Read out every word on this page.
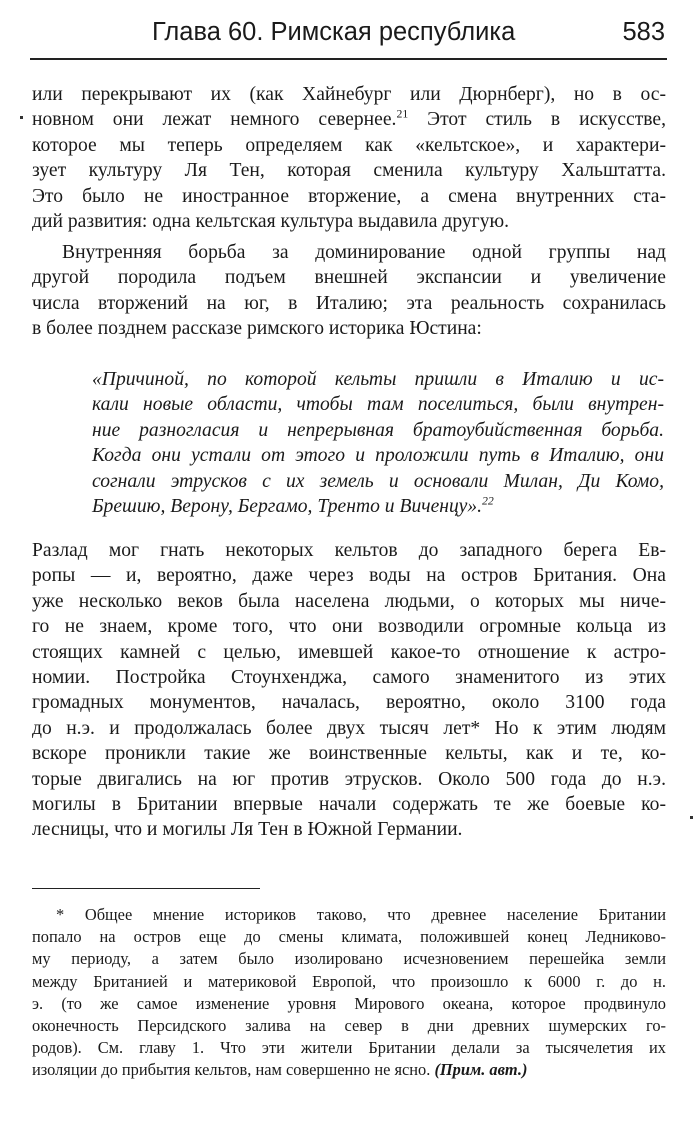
Глава 60. Римская республика	583
или перекрывают их (как Хайнебург или Дюрнберг), но в ос-
новном они лежат немного севернее.$^{21}$ Этот стиль в искусстве,
которое мы теперь определяем как «кельтское», и характери-
зует культуру Ля Тен, которая сменила культуру Хальштатта.
Это было не иностранное вторжение, а смена внутренних ста-
дий развития: одна кельтская культура выдавила другую.
Внутренняя борьба за доминирование одной группы над
другой породила подъем внешней экспансии и увеличение
числа вторжений на юг, в Италию; эта реальность сохранилась
в более позднем рассказе римского историка Юстина:
«Причиной, по которой кельты пришли в Италию и ис-
кали новые области, чтобы там поселиться, были внутрен-
ние разногласия и непрерывная братоубийственная борьба.
Когда они устали от этого и проложили путь в Италию, они
согнали этрусков с их земель и основали Милан, Ди Комо,
Брешию, Верону, Бергамо, Тренто и Виченцу».$^{22}$
Разлад мог гнать некоторых кельтов до западного берега Ев-
ропы — и, вероятно, даже через воды на остров Британия. Она
уже несколько веков была населена людьми, о которых мы ниче-
го не знаем, кроме того, что они возводили огромные кольца из
стоящих камней с целью, имевшей какое-то отношение к астро-
номии. Постройка Стоунхенджа, самого знаменитого из этих
громадных монументов, началась, вероятно, около 3100 года
до н.э. и продолжалась более двух тысяч лет* Но к этим людям
вскоре проникли такие же воинственные кельты, как и те, ко-
торые двигались на юг против этрусков. Около 500 года до н.э.
могилы в Британии впервые начали содержать те же боевые ко-
лесницы, что и могилы Ля Тен в Южной Германии.
* Общее мнение историков таково, что древнее население Британии
попало на остров еще до смены климата, положившей конец Ледниково-
му периоду, а затем было изолировано исчезновением перешейка земли
между Британией и материковой Европой, что произошло к 6000 г. до н.
э. (то же самое изменение уровня Мирового океана, которое продвинуло
оконечность Персидского залива на север в дни древних шумерских го-
родов). См. главу 1. Что эти жители Британии делали за тысячелетия их
изоляции до прибытия кельтов, нам совершенно не ясно. (Прим. авт.)
